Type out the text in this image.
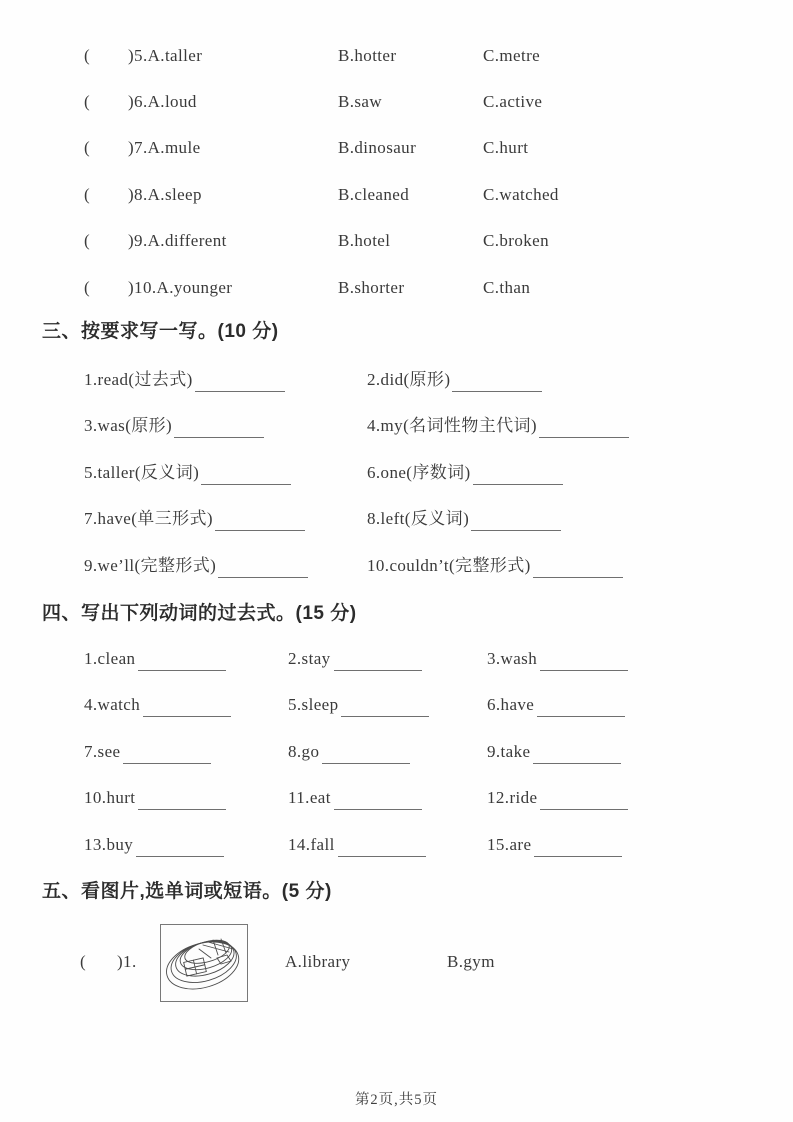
( )5.A.taller	B.hotter	C.metre
( )6.A.loud	B.saw	C.active
( )7.A.mule	B.dinosaur	C.hurt
( )8.A.sleep	B.cleaned	C.watched
( )9.A.different	B.hotel	C.broken
( )10.A.younger	B.shorter	C.than
三、按要求写一写。(10 分)
1.read(过去式)	2.did(原形)
3.was(原形)	4.my(名词性物主代词)
5.taller(反义词)	6.one(序数词)
7.have(单三形式)	8.left(反义词)
9.we’ll(完整形式)	10.couldn’t(完整形式)
四、写出下列动词的过去式。(15 分)
1.clean	2.stay	3.wash
4.watch	5.sleep	6.have
7.see	8.go	9.take
10.hurt	11.eat	12.ride
13.buy	14.fall	15.are
五、看图片,选单词或短语。(5 分)
( )1.	A.library	B.gym
第2页,共5页
